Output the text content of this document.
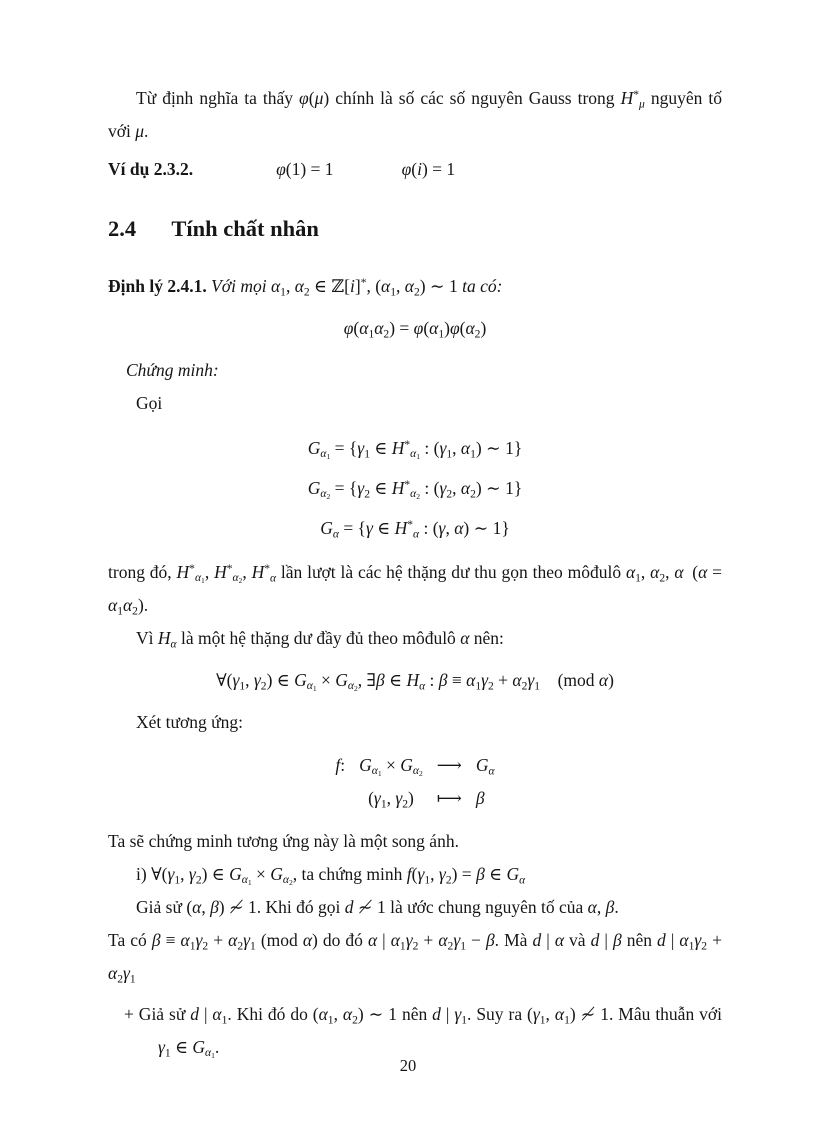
Từ định nghĩa ta thấy φ(μ) chính là số các số nguyên Gauss trong $H^*_\mu$ nguyên tố với μ.

Ví dụ 2.3.2.	φ(1) = 1	φ(i) = 1
2.4 Tính chất nhân

Định lý 2.4.1. Với mọi $\alpha_1$, $\alpha_2$ ∈ ℤ[i]*, ($\alpha_1$, $\alpha_2$) ∼ 1 ta có:

$\varphi(\alpha_1\alpha_2) = \varphi(\alpha_1)\varphi(\alpha_2)$

Chứng minh:

Gọi

$G_{\alpha_1} = \{\gamma_1$ ∈ $H^*_{\alpha_1}$ : ($\gamma_1$, $\alpha_1$) ∼ 1}
$G_{\alpha_2} = \{\gamma_2$ ∈ $H^*_{\alpha_2}$ : ($\gamma_2$, $\alpha_2$) ∼ 1}
$G_\alpha = \{\gamma$ ∈ $H^*_\alpha$ : (γ, α) ∼ 1}

trong đó, $H^*_{\alpha_1}$, $H^*_{\alpha_2}$, $H^*_\alpha$ lần lượt là các hệ thặng dư thu gọn theo môđulô $\alpha_1$, $\alpha_2$, α $(\alpha = \alpha_1\alpha_2)$.

Vì $H_\alpha$ là một hệ thặng dư đầy đủ theo môđulô α nên:

$\forall(\gamma_1$, $\gamma_2$) ∈ $G_{\alpha_1} \times G_{\alpha_2}$, ∃β ∈ $H_\alpha$ : $\beta \equiv \alpha_1\gamma_2 + \alpha_2\gamma_1$  (mod α)

Xét tương ứng:

f: $G_{\alpha_1} \times G_{\alpha_2}$ ⟶ $G_\alpha$
($\gamma_1$, $\gamma_2$) ⟼ β

Ta sẽ chứng minh tương ứng này là một song ánh.

i) $\forall(\gamma_1$, $\gamma_2$) ∈ $G_{\alpha_1} \times G_{\alpha_2}$, ta chứng minh $f(\gamma_1$, $\gamma_2) = \beta$ ∈ $G_\alpha$

Giả sử (α, β) ≁ 1. Khi đó gọi d ≁ 1 là ước chung nguyên tố của α, β.

Ta có $\beta \equiv \alpha_1\gamma_2 + \alpha_2\gamma_1$ (mod α) do đó α | $\alpha_1\gamma_2 + \alpha_2\gamma_1 - \beta$. Mà d | α và d | β nên d | $\alpha_1\gamma_2 + \alpha_2\gamma_1$

+ Giả sử d | $\alpha_1$. Khi đó do ($\alpha_1$, $\alpha_2$) ∼ 1 nên d | $\gamma_1$. Suy ra ($\gamma_1$, $\alpha_1$) ≁ 1. Mâu thuẫn với $\gamma_1$ ∈ $G_{\alpha_1}$.

20
